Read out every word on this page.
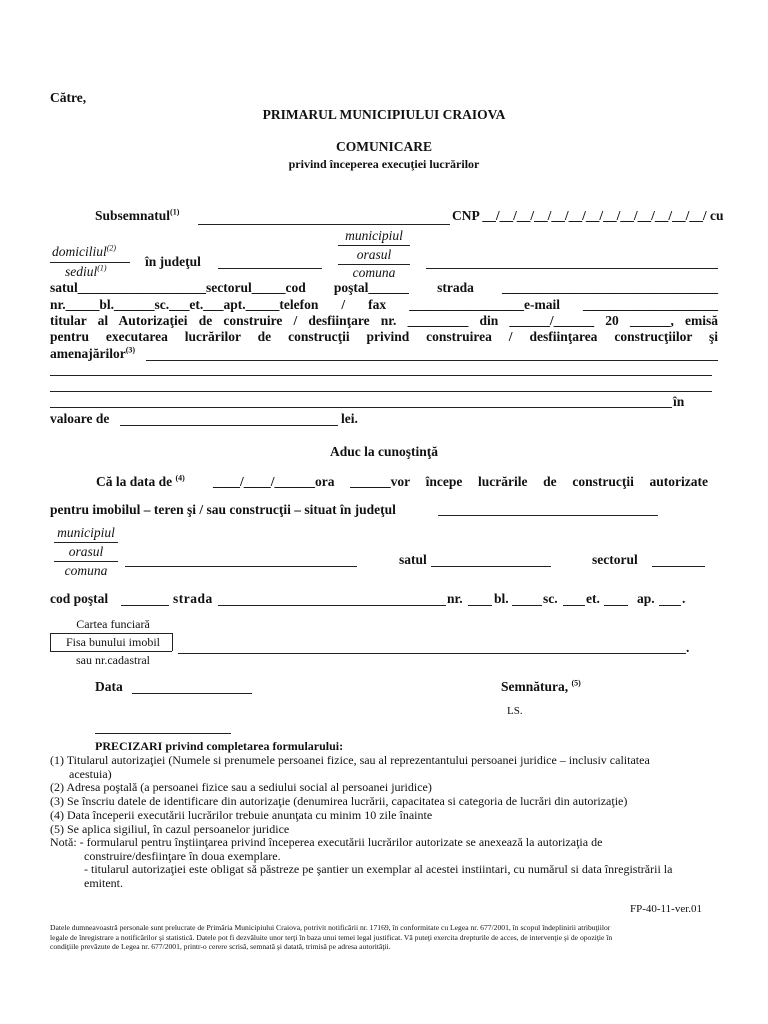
Către,
PRIMARUL MUNICIPIULUI CRAIOVA
COMUNICARE
privind începerea execuţiei lucrărilor
Subsemnatul$^{(1)}$	CNP __/__/__/__/__/__/__/__/__/__/__/__/__/ cu
domiciliul$^{(2)}$
sediul$^{(1)}$	în judeţul
municipiul
orasul
comuna
satul___________________sectorul_____cod poştal______ strada ________________________________
nr._____bl.______sc.___et.___apt._____telefon / fax _________________e-mail ____________________
titular al Autorizaţiei de construire / desfiinţare nr. _________ din ______/______ 20 ______, emisă
pentru executarea lucrărilor de construcţii privind construirea / desfiinţarea construcţiilor şi
amenajărilor$^{(3)}$
în
valoare de	lei.
Aduc la cunoştinţă
Că la data de $^{(4)}$ ____/____/______ora ______vor începe lucrările de construcţii autorizate
pentru imobilul – teren şi / sau construcţii – situat în judeţul
municipiul
orasul
comuna
satul	sectorul
cod poştal	strada	nr. bl.	sc. et.	ap. .
Cartea funciară
Fisa bunului imobil
sau nr.cadastral
.
Data	Semnătura, $^{(5)}$
LS.
PRECIZARI privind completarea formularului:
(1) Titularul autorizaţiei (Numele si prenumele persoanei fizice, sau al reprezentantului persoanei juridice – inclusiv calitatea
acestuia)
(2) Adresa poştală (a persoanei fizice sau a sediului social al persoanei juridice)
(3) Se înscriu datele de identificare din autorizaţie (denumirea lucrării, capacitatea si categoria de lucrări din autorizaţie)
(4) Data începerii executării lucrărilor trebuie anunţata cu minim 10 zile înainte
(5) Se aplica sigiliul, în cazul persoanelor juridice
Notă: - formularul pentru înştiinţarea privind începerea executării lucrărilor autorizate se anexează la autorizaţia de
construire/desfiinţare în doua exemplare.
- titularul autorizaţiei este obligat să păstreze pe şantier un exemplar al acestei instiintari, cu numărul si data înregistrării la
emitent.
FP-40-11-ver.01
Datele dumneavoastră personale sunt prelucrate de Primăria Municipiului Craiova, potrivit notificării nr. 17169, în conformitate cu Legea nr. 677/2001, în scopul îndeplinirii atribuţiilor
legale de înregistrare a notificărilor şi statistică. Datele pot fi dezvăluite unor terţi în baza unui temei legal justificat. Vă puteţi exercita drepturile de acces, de intervenţie şi de opoziţie în
condiţiile prevăzute de Legea nr. 677/2001, printr-o cerere scrisă, semnată şi datată, trimisă pe adresa autorităţii.
